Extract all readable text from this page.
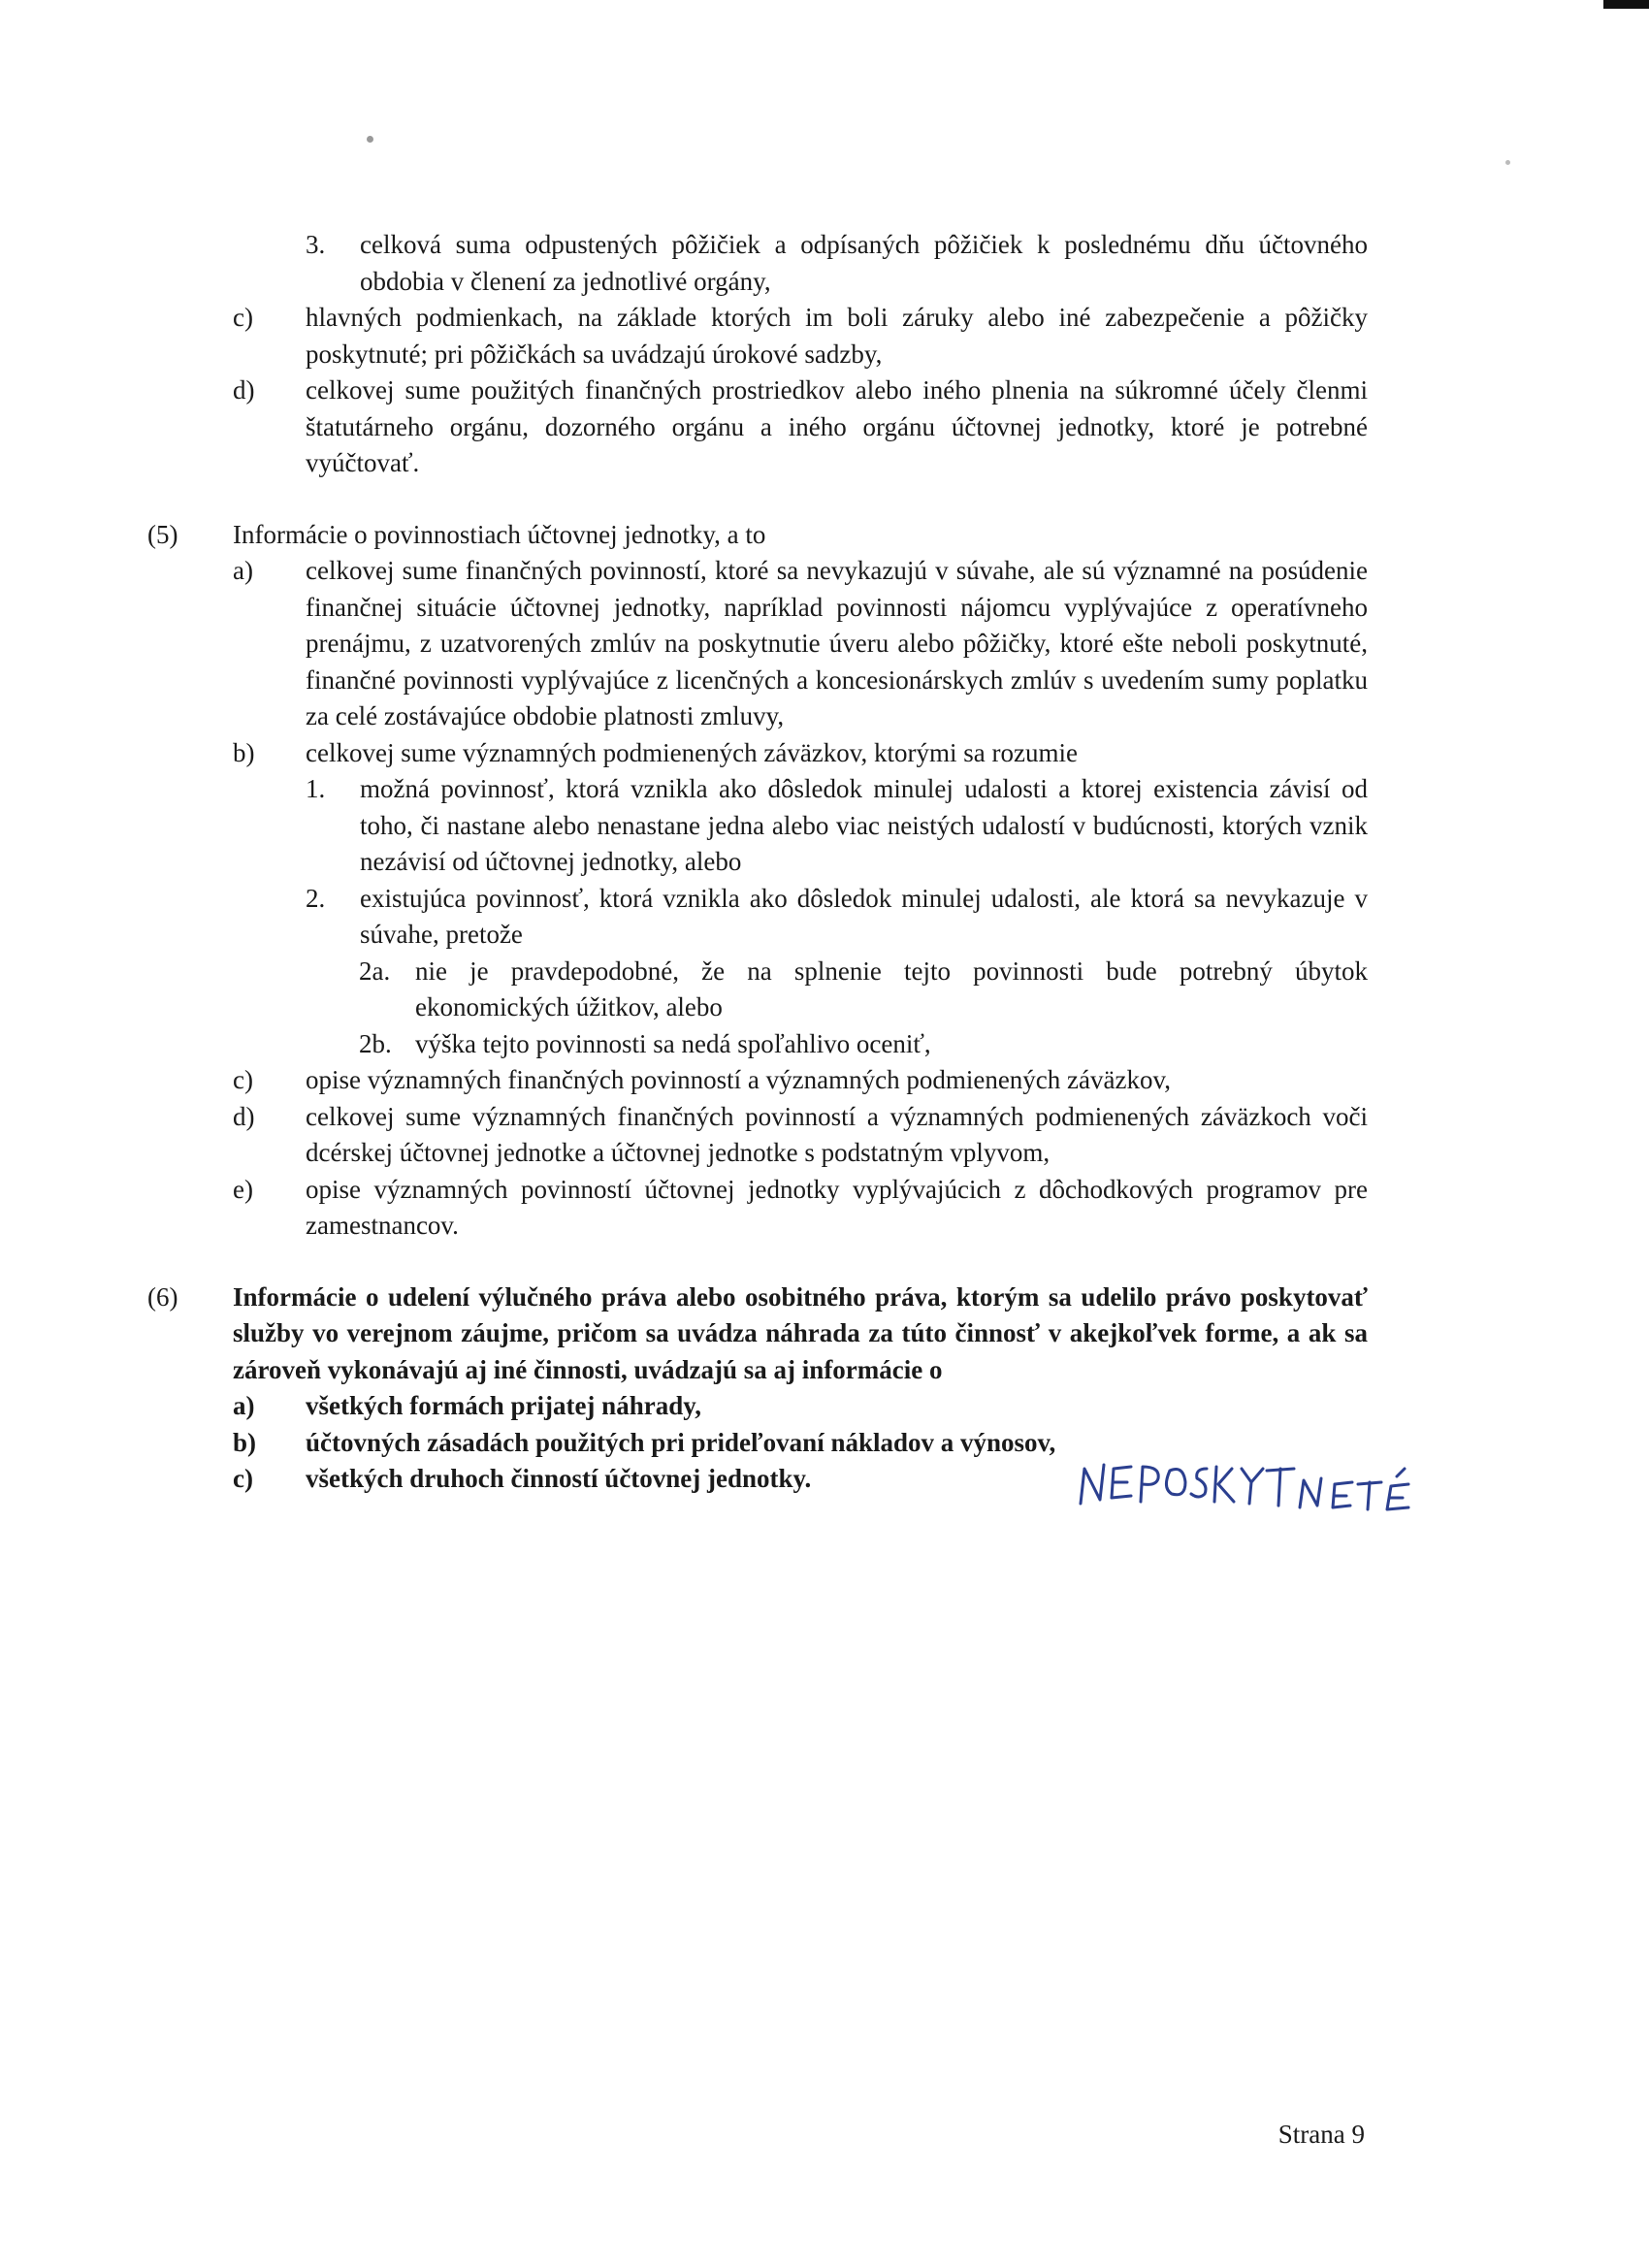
3. celková suma odpustených pôžičiek a odpísaných pôžičiek k poslednému dňu účtovného obdobia v členení za jednotlivé orgány,
c) hlavných podmienkach, na základe ktorých im boli záruky alebo iné zabezpečenie a pôžičky poskytnuté; pri pôžičkách sa uvádzajú úrokové sadzby,
d) celkovej sume použitých finančných prostriedkov alebo iného plnenia na súkromné účely členmi štatutárneho orgánu, dozorného orgánu a iného orgánu účtovnej jednotky, ktoré je potrebné vyúčtovať.
(5) Informácie o povinnostiach účtovnej jednotky, a to
a) celkovej sume finančných povinností, ktoré sa nevykazujú v súvahe, ale sú významné na posúdenie finančnej situácie účtovnej jednotky, napríklad povinnosti nájomcu vyplývajúce z operatívneho prenájmu, z uzatvorených zmlúv na poskytnutie úveru alebo pôžičky, ktoré ešte neboli poskytnuté, finančné povinnosti vyplývajúce z licenčných a koncesionárskych zmlúv s uvedením sumy poplatku za celé zostávajúce obdobie platnosti zmluvy,
b) celkovej sume významných podmienených záväzkov, ktorými sa rozumie
1. možná povinnosť, ktorá vznikla ako dôsledok minulej udalosti a ktorej existencia závisí od toho, či nastane alebo nenastane jedna alebo viac neistých udalostí v budúcnosti, ktorých vznik nezávisí od účtovnej jednotky, alebo
2. existujúca povinnosť, ktorá vznikla ako dôsledok minulej udalosti, ale ktorá sa nevykazuje v súvahe, pretože
2a. nie je pravdepodobné, že na splnenie tejto povinnosti bude potrebný úbytok ekonomických úžitkov, alebo
2b. výška tejto povinnosti sa nedá spoľahlivo oceniť,
c) opise významných finančných povinností a významných podmienených záväzkov,
d) celkovej sume významných finančných povinností a významných podmienených záväzkoch voči dcérskej účtovnej jednotke a účtovnej jednotke s podstatným vplyvom,
e) opise významných povinností účtovnej jednotky vyplývajúcich z dôchodkových programov pre zamestnancov.
(6) Informácie o udelení výlučného práva alebo osobitného práva, ktorým sa udelilo právo poskytovať služby vo verejnom záujme, pričom sa uvádza náhrada za túto činnosť v akejkoľvek forme, a ak sa zároveň vykonávajú aj iné činnosti, uvádzajú sa aj informácie o
a) všetkých formách prijatej náhrady,
b) účtovných zásadách použitých pri prideľovaní nákladov a výnosov,
c) všetkých druhoch činností účtovnej jednotky.
Strana 9
